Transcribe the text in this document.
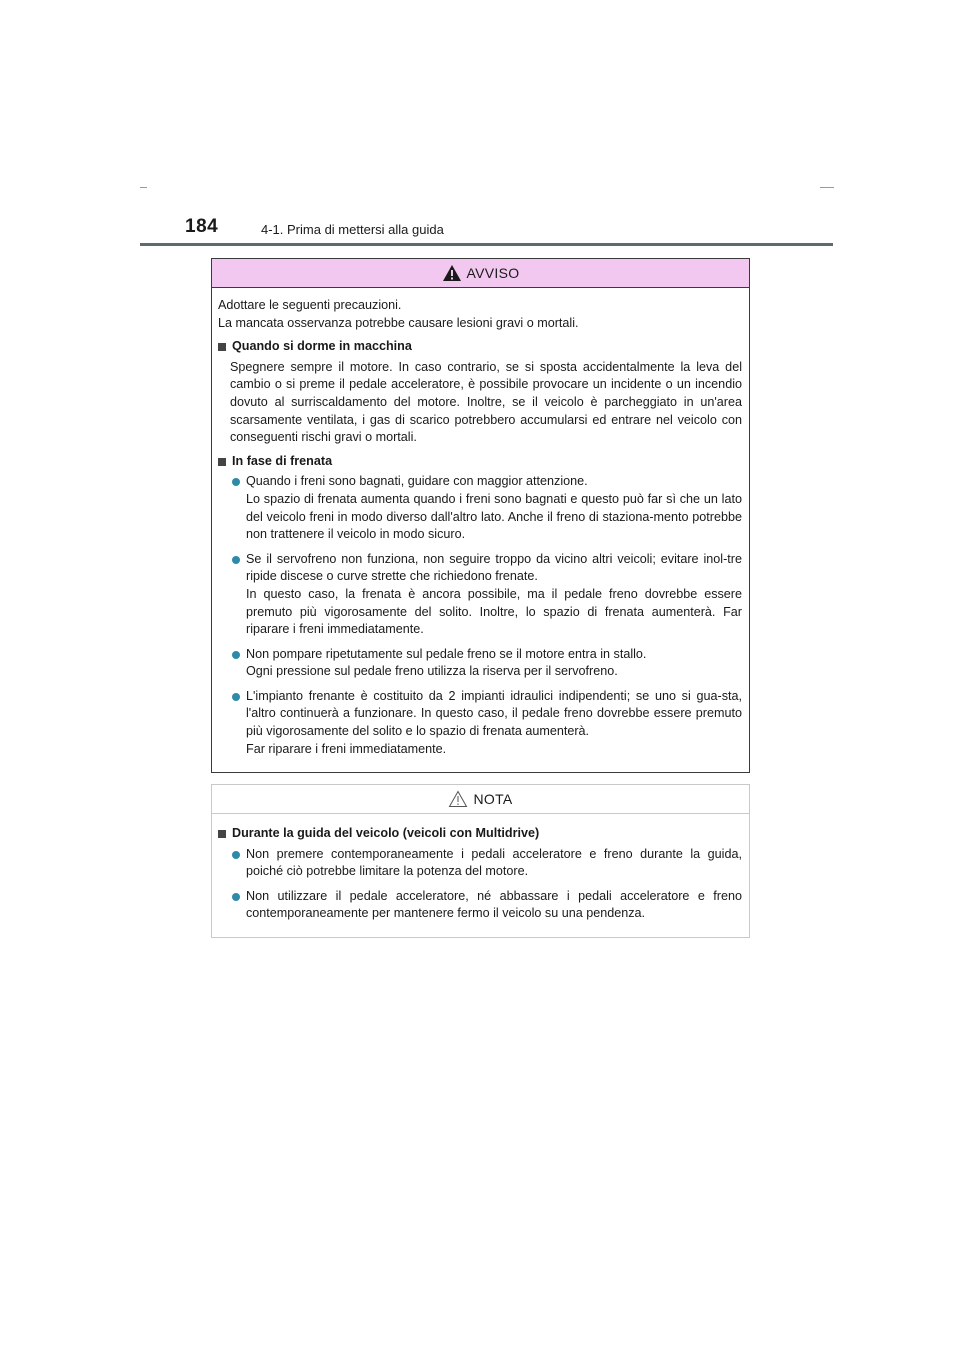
184	4-1. Prima di mettersi alla guida
AVVISO

Adottare le seguenti precauzioni.

La mancata osservanza potrebbe causare lesioni gravi o mortali.

Quando si dorme in macchina

Spegnere sempre il motore. In caso contrario, se si sposta accidentalmente la leva del cambio o si preme il pedale acceleratore, è possibile provocare un incidente o un incendio dovuto al surriscaldamento del motore. Inoltre, se il veicolo è parcheggiato in un'area scarsamente ventilata, i gas di scarico potrebbero accumularsi ed entrare nel veicolo con conseguenti rischi gravi o mortali.

In fase di frenata

Quando i freni sono bagnati, guidare con maggior attenzione.

Lo spazio di frenata aumenta quando i freni sono bagnati e questo può far sì che un lato del veicolo freni in modo diverso dall'altro lato. Anche il freno di staziona-mento potrebbe non trattenere il veicolo in modo sicuro.

Se il servofreno non funziona, non seguire troppo da vicino altri veicoli; evitare inol-tre ripide discese o curve strette che richiedono frenate.

In questo caso, la frenata è ancora possibile, ma il pedale freno dovrebbe essere premuto più vigorosamente del solito. Inoltre, lo spazio di frenata aumenterà. Far riparare i freni immediatamente.

Non pompare ripetutamente sul pedale freno se il motore entra in stallo.

Ogni pressione sul pedale freno utilizza la riserva per il servofreno.

L'impianto frenante è costituito da 2 impianti idraulici indipendenti; se uno si gua-sta, l'altro continuerà a funzionare. In questo caso, il pedale freno dovrebbe essere premuto più vigorosamente del solito e lo spazio di frenata aumenterà.

Far riparare i freni immediatamente.

NOTA
Durante la guida del veicolo (veicoli con Multidrive)

Non premere contemporaneamente i pedali acceleratore e freno durante la guida, poiché ciò potrebbe limitare la potenza del motore.

Non utilizzare il pedale acceleratore, né abbassare i pedali acceleratore e freno contemporaneamente per mantenere fermo il veicolo su una pendenza.
